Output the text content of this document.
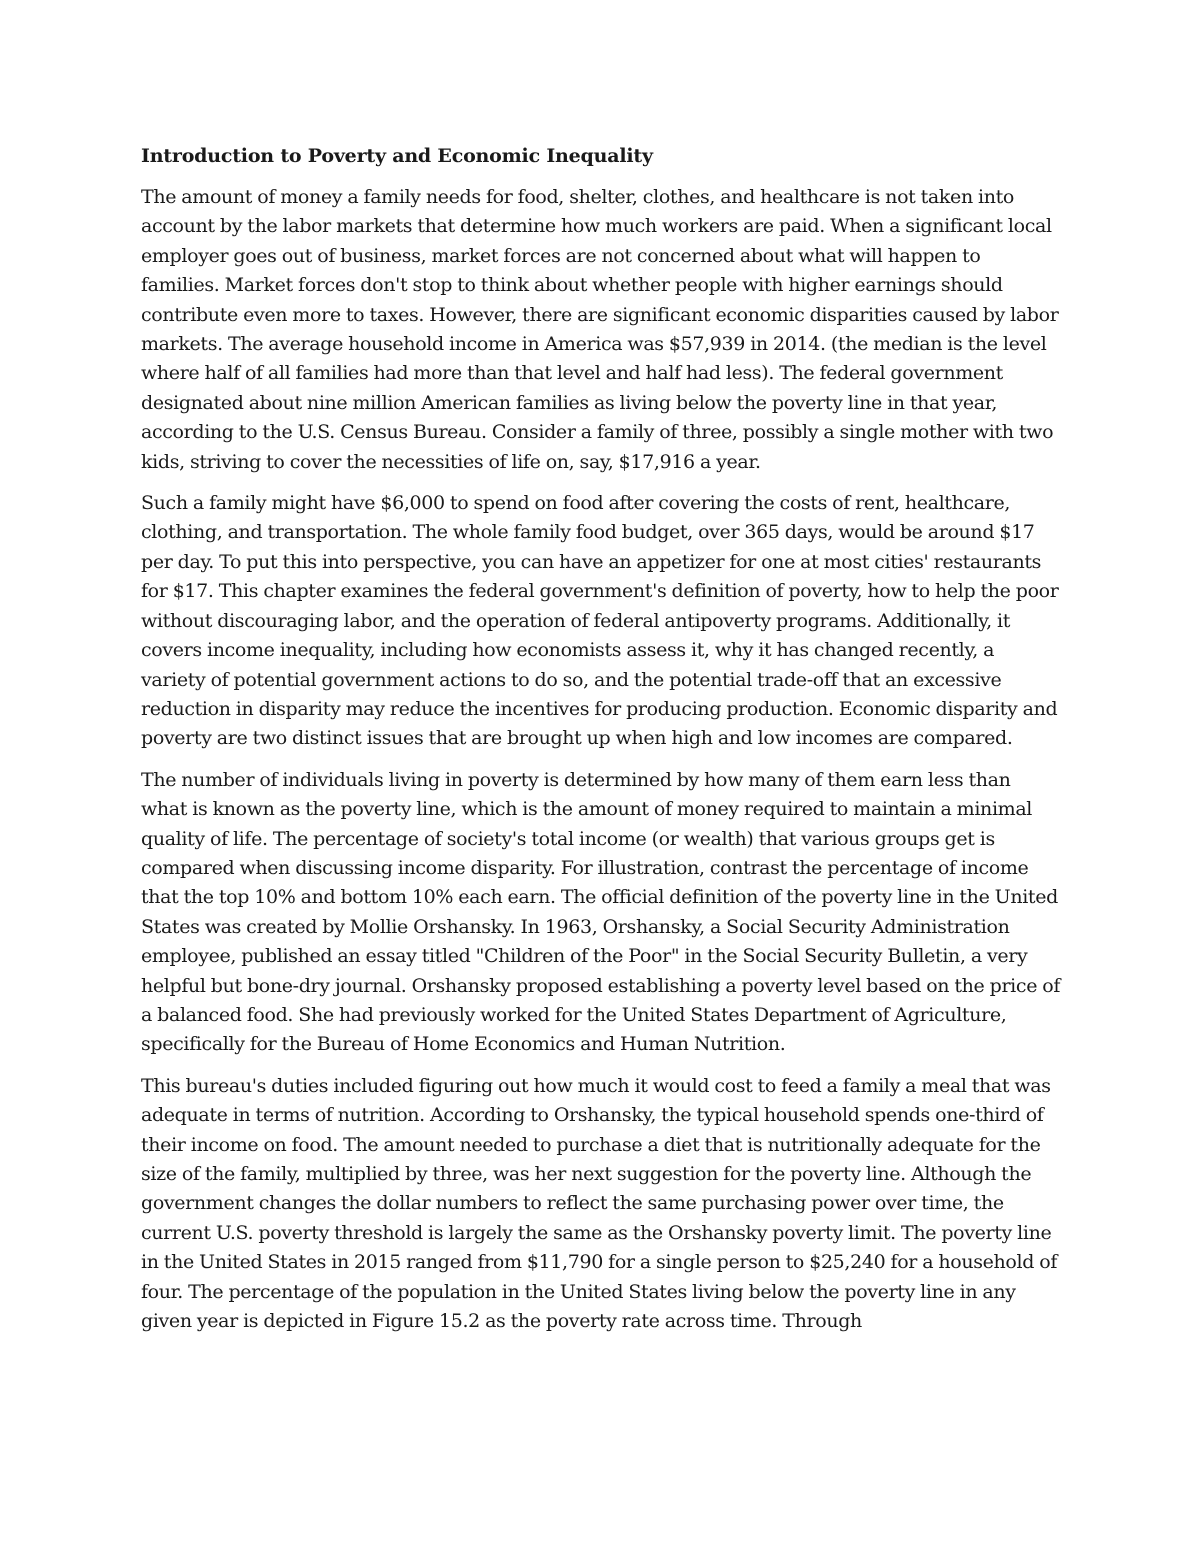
Introduction to Poverty and Economic Inequality

The amount of money a family needs for food, shelter, clothes, and healthcare is not taken into account by the labor markets that determine how much workers are paid. When a significant local employer goes out of business, market forces are not concerned about what will happen to families. Market forces don't stop to think about whether people with higher earnings should contribute even more to taxes. However, there are significant economic disparities caused by labor markets. The average household income in America was $57,939 in 2014. (the median is the level where half of all families had more than that level and half had less). The federal government designated about nine million American families as living below the poverty line in that year, according to the U.S. Census Bureau. Consider a family of three, possibly a single mother with two kids, striving to cover the necessities of life on, say, $17,916 a year.

Such a family might have $6,000 to spend on food after covering the costs of rent, healthcare, clothing, and transportation. The whole family food budget, over 365 days, would be around $17 per day. To put this into perspective, you can have an appetizer for one at most cities' restaurants for $17. This chapter examines the federal government's definition of poverty, how to help the poor without discouraging labor, and the operation of federal antipoverty programs. Additionally, it covers income inequality, including how economists assess it, why it has changed recently, a variety of potential government actions to do so, and the potential trade-off that an excessive reduction in disparity may reduce the incentives for producing production. Economic disparity and poverty are two distinct issues that are brought up when high and low incomes are compared.

The number of individuals living in poverty is determined by how many of them earn less than what is known as the poverty line, which is the amount of money required to maintain a minimal quality of life. The percentage of society's total income (or wealth) that various groups get is compared when discussing income disparity. For illustration, contrast the percentage of income that the top 10% and bottom 10% each earn. The official definition of the poverty line in the United States was created by Mollie Orshansky. In 1963, Orshansky, a Social Security Administration employee, published an essay titled "Children of the Poor" in the Social Security Bulletin, a very helpful but bone-dry journal. Orshansky proposed establishing a poverty level based on the price of a balanced food. She had previously worked for the United States Department of Agriculture, specifically for the Bureau of Home Economics and Human Nutrition.

This bureau's duties included figuring out how much it would cost to feed a family a meal that was adequate in terms of nutrition. According to Orshansky, the typical household spends one-third of their income on food. The amount needed to purchase a diet that is nutritionally adequate for the size of the family, multiplied by three, was her next suggestion for the poverty line. Although the government changes the dollar numbers to reflect the same purchasing power over time, the current U.S. poverty threshold is largely the same as the Orshansky poverty limit. The poverty line in the United States in 2015 ranged from $11,790 for a single person to $25,240 for a household of four. The percentage of the population in the United States living below the poverty line in any given year is depicted in Figure 15.2 as the poverty rate across time. Through
